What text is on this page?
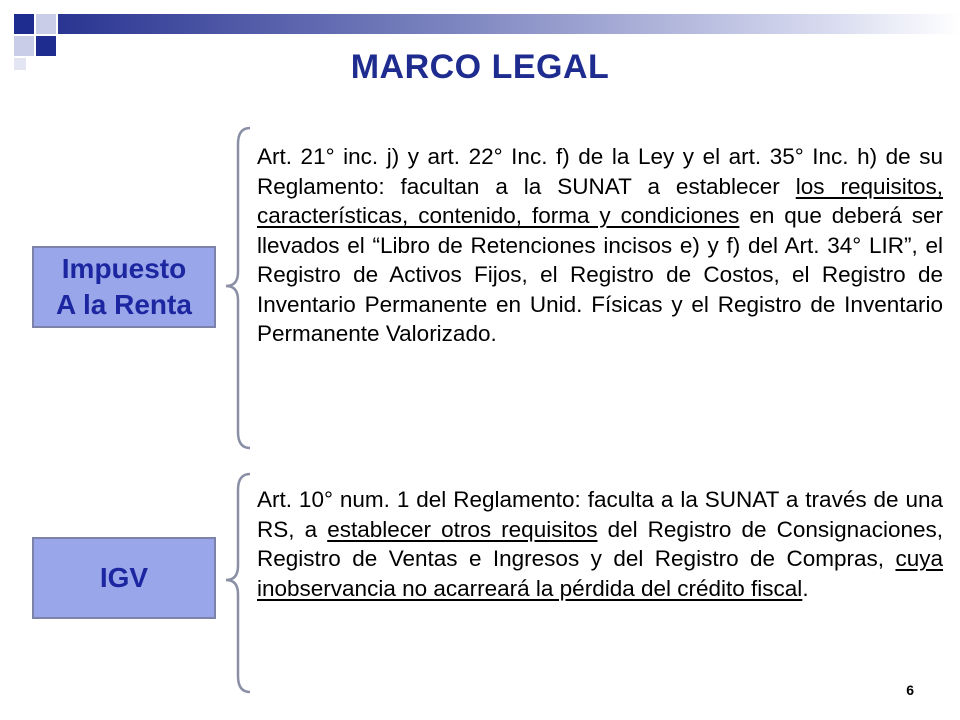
MARCO LEGAL
Impuesto
A la Renta
Art. 21° inc. j) y art. 22° Inc. f) de la Ley y el art. 35° Inc. h) de su Reglamento: facultan a la SUNAT a establecer los requisitos, características, contenido, forma y condiciones en que deberá ser llevados el “Libro de Retenciones incisos e) y f) del Art. 34° LIR”, el Registro de Activos Fijos, el Registro de Costos, el Registro de Inventario Permanente en Unid. Físicas y el Registro de Inventario Permanente Valorizado.
IGV
Art. 10° num. 1 del Reglamento: faculta a la SUNAT a través de una RS, a establecer otros requisitos del Registro de Consignaciones, Registro de Ventas e Ingresos y del Registro de Compras, cuya inobservancia no acarreará la pérdida del crédito fiscal.
6
